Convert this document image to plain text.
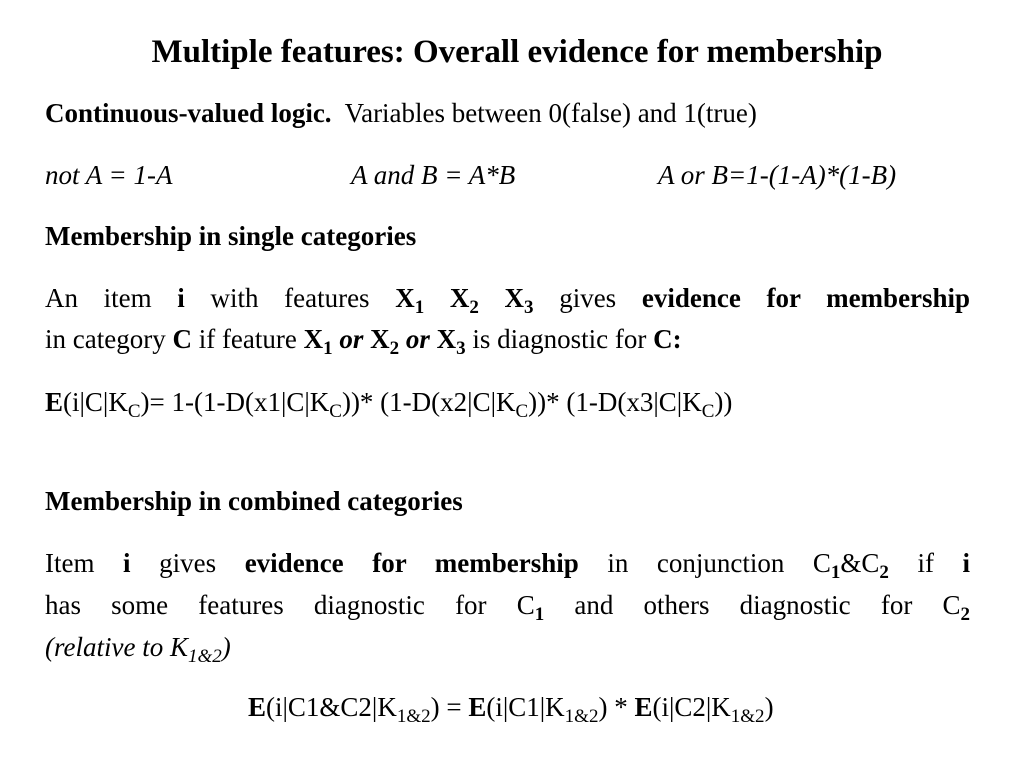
Multiple features: Overall evidence for membership

Continuous-valued logic. Variables between 0(false) and 1(true)

not A = 1-A	A and B = A*B	A or B=1-(1-A)*(1-B)

Membership in single categories

An item i with features $X_1$ $X_2$ $X_3$ gives evidence for membership

in category C if feature $X_1$ or $X_2$ or $X_3$ is diagnostic for C:

$E(i|C|K_C)= 1-(1-D(x1|C|K_C))*$ $(1-D(x2|C|K_C))*$ $(1-D(x3|C|K_C))$

Membership in combined categories

Item i gives evidence for membership in conjunction $C_1\&C_2$ if i

has some features diagnostic for $C_1$ and others diagnostic for $C_2$

(relative to $K_{1\&2}$)

$E(i|C1\&C2|K_{1\&2}) = E(i|C1|K_{1\&2}) * E(i|C2|K_{1\&2})$
